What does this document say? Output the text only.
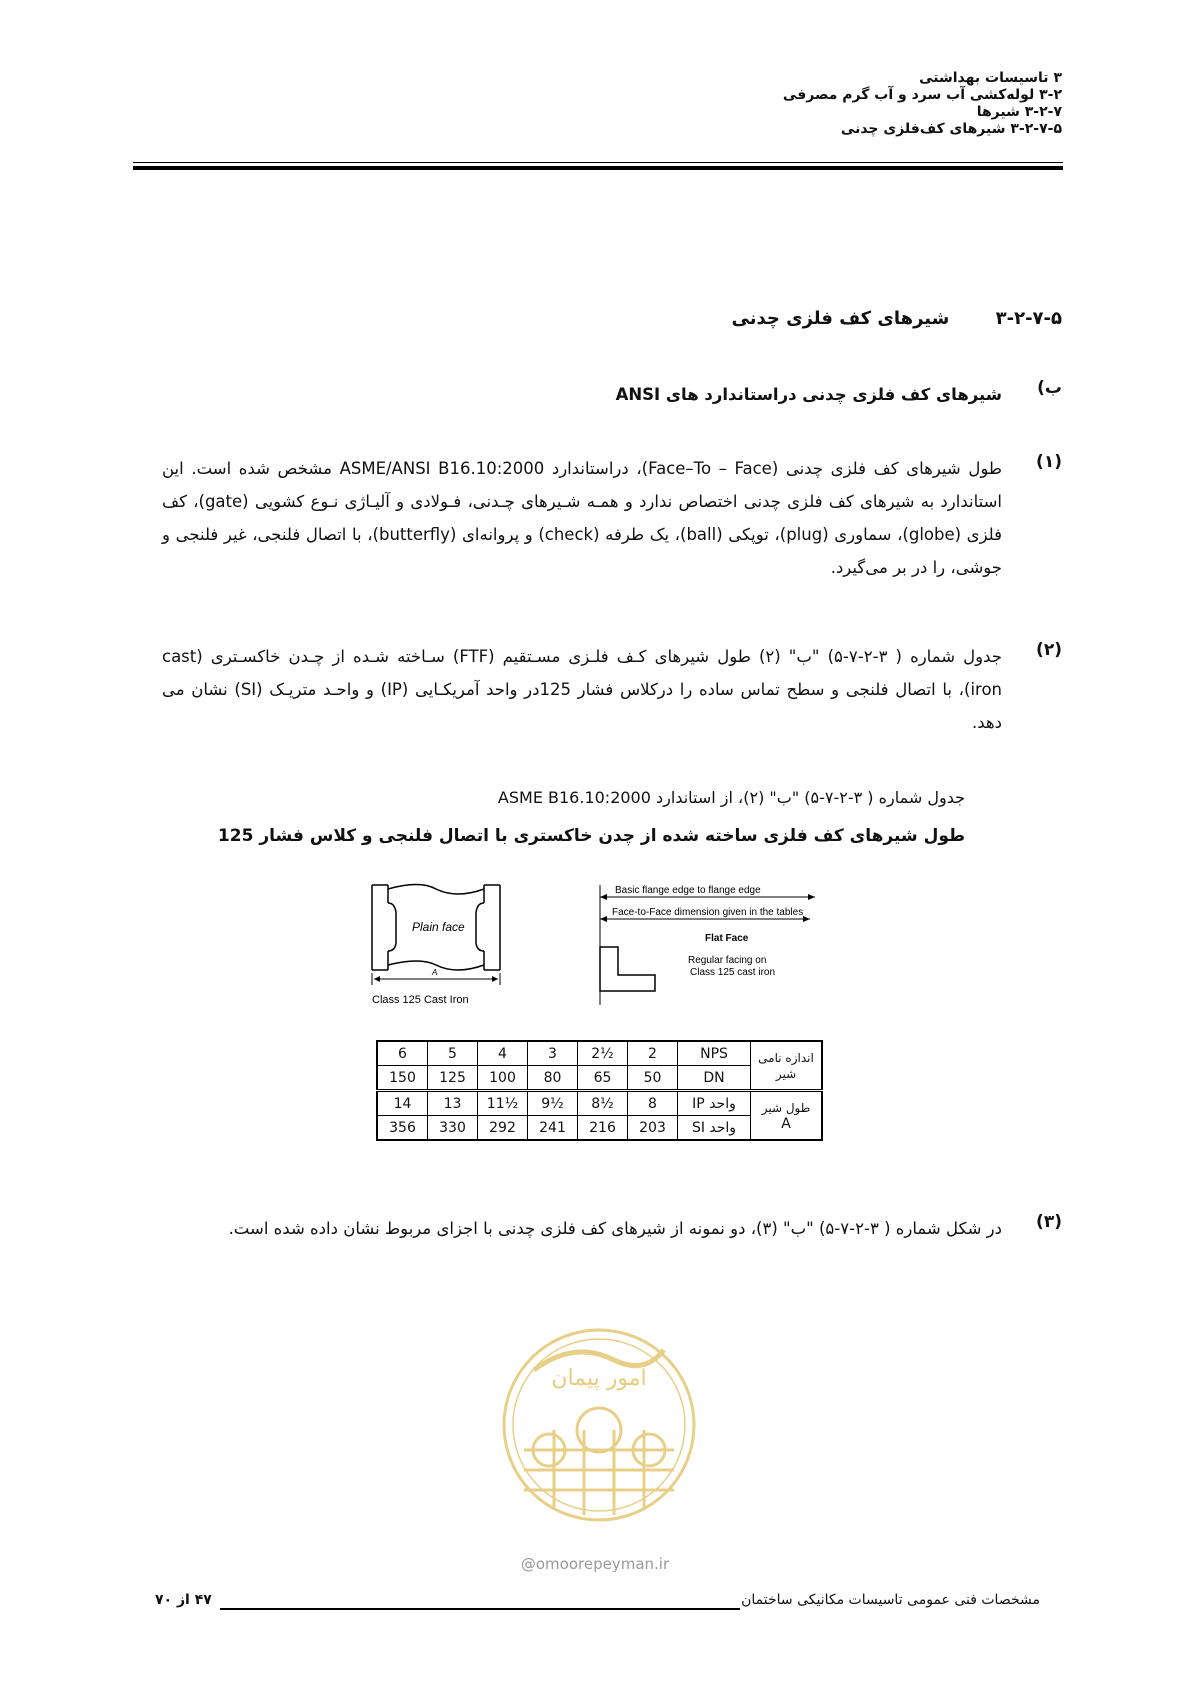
۳ تاسیسات بهداشتی
۳-۲ لوله‌کشی آب سرد و آب گرم مصرفی
۳-۲-۷ شیرها
۳-۲-۷-۵ شیرهای کف‌فلزی چدنی
۳-۲-۷-۵ شیرهای کف فلزی چدنی
ب)
شیرهای کف فلزی چدنی دراستاندارد های ANSI
(۱)
طول شیرهای کف فلزی چدنی (Face–To – Face)، دراستاندارد ASME/ANSI B16.10:2000 مشخص شده است. این استاندارد به شیرهای کف فلزی چدنی اختصاص ندارد و همـه شـیرهای چـدنی، فـولادی و آلیـاژی نـوع کشویی (gate)، کف فلزی (globe)، سماوری (plug)، توپکی (ball)، یک طرفه (check) و پروانه‌ای (butterfly)، با اتصال فلنجی، غیر فلنجی و جوشی، را در بر می‌گیرد.
(۲)
جدول شماره ( ۳-۲-۷-۵) "ب" (۲) طول شیرهای کـف فلـزی مسـتقیم (FTF) سـاخته شـده از چـدن خاکسـتری (cast iron)، با اتصال فلنجی و سطح تماس ساده را درکلاس فشار 125در واحد آمریکـایی (IP) و واحـد متریـک (SI) نشان می دهد.
جدول شماره ( ۳-۲-۷-۵) "ب" (۲)، از استاندارد ASME B16.10:2000
طول شیرهای کف فلزی ساخته شده از چدن خاکستری با اتصال فلنجی و کلاس فشار 125
Plain face
A
Class 125 Cast Iron
Basic flange edge to flange edge
Face-to-Face dimension given in the tables
Flat Face
Regular facing on
Class 125 cast iron
6	5	4	3	2½	2	NPS	اندازه نامی شیر
150	125	100	80	65	50	DN	
14	13	11½	9½	8½	8	IP واحد	طول شیر
A
356	330	292	241	216	203	SI واحد	
(۳)
در شکل شماره ( ۳-۲-۷-۵) "ب" (۳)، دو نمونه از شیرهای کف فلزی چدنی با اجزای مربوط نشان داده شده است.
امور پیمان
@omoorepeyman.ir
مشخصات فنی عمومی تاسیسات مکانیکی ساختمان
۴۷ از ۷۰
